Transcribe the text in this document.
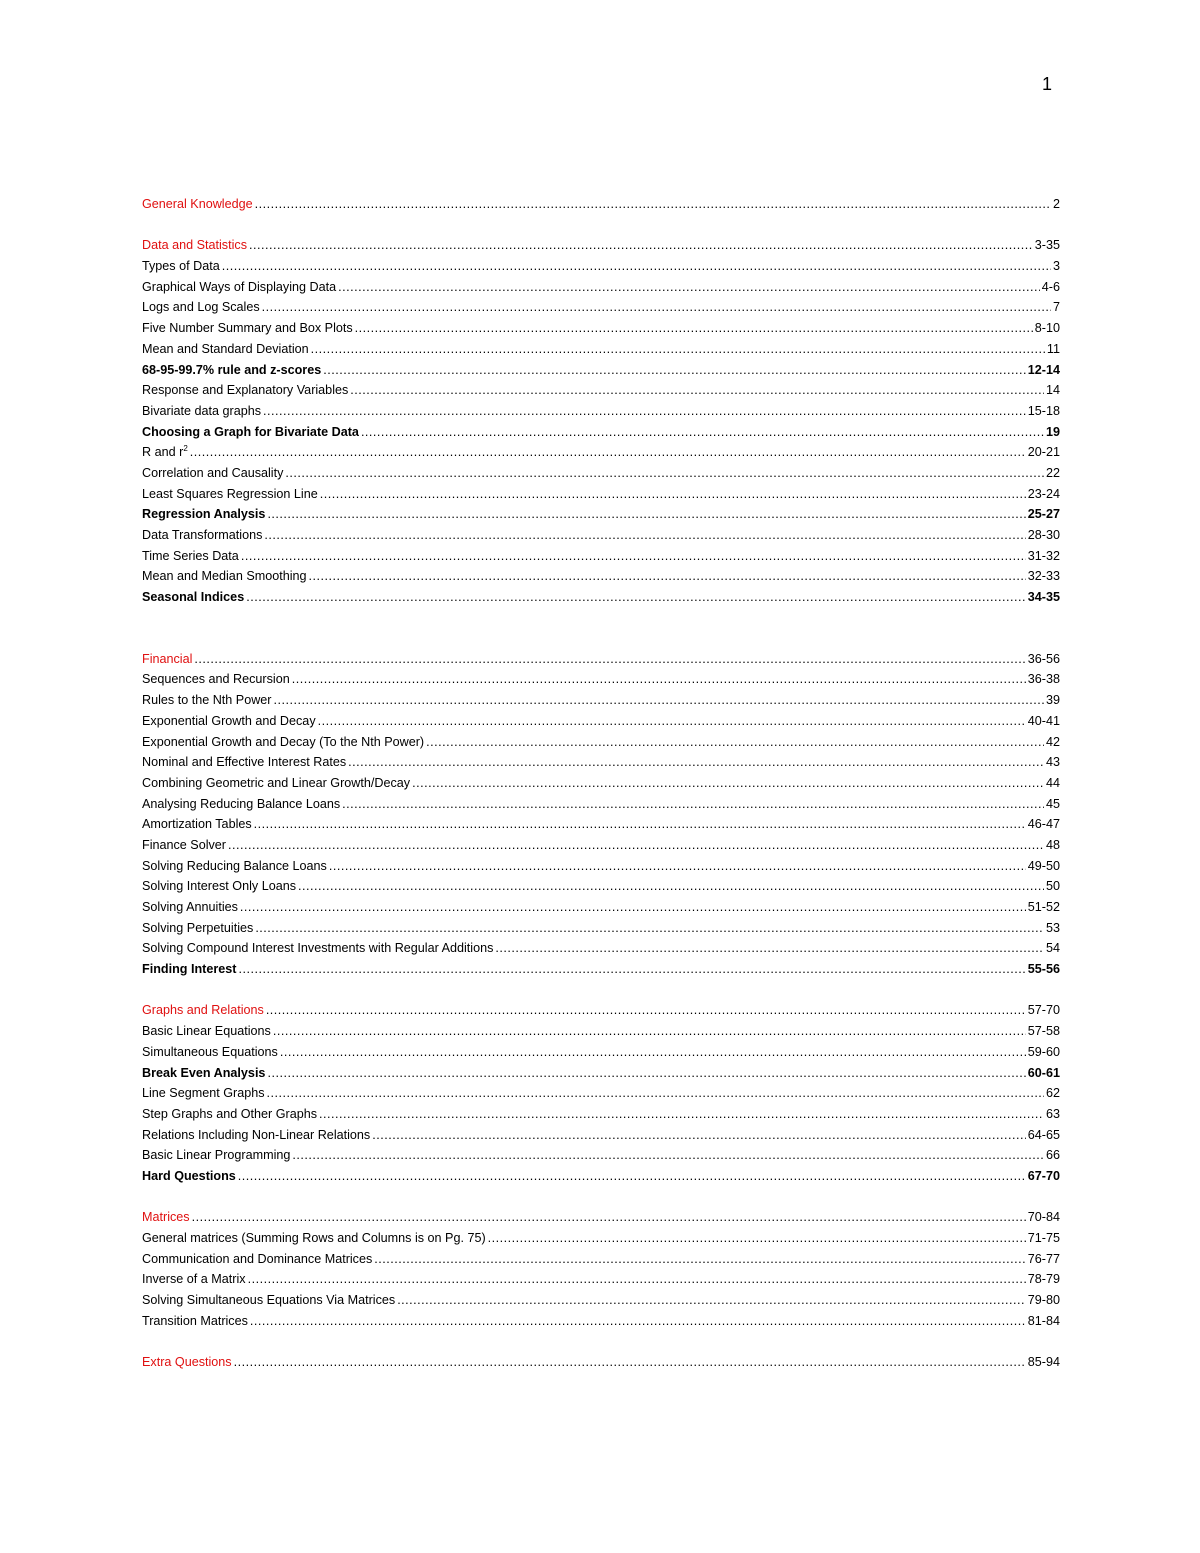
1
General Knowledge .....	2
Data and Statistics .....	3-35
Types of Data .....	3
Graphical Ways of Displaying Data .....	4-6
Logs and Log Scales .....	7
Five Number Summary and Box Plots .....	8-10
Mean and Standard Deviation .....	11
68-95-99.7% rule and z-scores .....	12-14
Response and Explanatory Variables .....	14
Bivariate data graphs .....	15-18
Choosing a Graph for Bivariate Data .....	19
R and $r^2$ .....	20-21
Correlation and Causality .....	22
Least Squares Regression Line .....	23-24
Regression Analysis .....	25-27
Data Transformations .....	28-30
Time Series Data .....	31-32
Mean and Median Smoothing .....	32-33
Seasonal Indices .....	34-35
Financial .....	36-56
Sequences and Recursion .....	36-38
Rules to the Nth Power .....	39
Exponential Growth and Decay .....	40-41
Exponential Growth and Decay (To the Nth Power) .....	42
Nominal and Effective Interest Rates .....	43
Combining Geometric and Linear Growth/Decay .....	44
Analysing Reducing Balance Loans .....	45
Amortization Tables .....	46-47
Finance Solver .....	48
Solving Reducing Balance Loans .....	49-50
Solving Interest Only Loans .....	50
Solving Annuities .....	51-52
Solving Perpetuities .....	53
Solving Compound Interest Investments with Regular Additions .....	54
Finding Interest .....	55-56
Graphs and Relations .....	57-70
Basic Linear Equations .....	57-58
Simultaneous Equations .....	59-60
Break Even Analysis .....	60-61
Line Segment Graphs .....	62
Step Graphs and Other Graphs .....	63
Relations Including Non-Linear Relations .....	64-65
Basic Linear Programming .....	66
Hard Questions .....	67-70
Matrices .....	70-84
General matrices (Summing Rows and Columns is on Pg. 75) .....	71-75
Communication and Dominance Matrices .....	76-77
Inverse of a Matrix .....	78-79
Solving Simultaneous Equations Via Matrices .....	79-80
Transition Matrices .....	81-84
Extra Questions .....	85-94
